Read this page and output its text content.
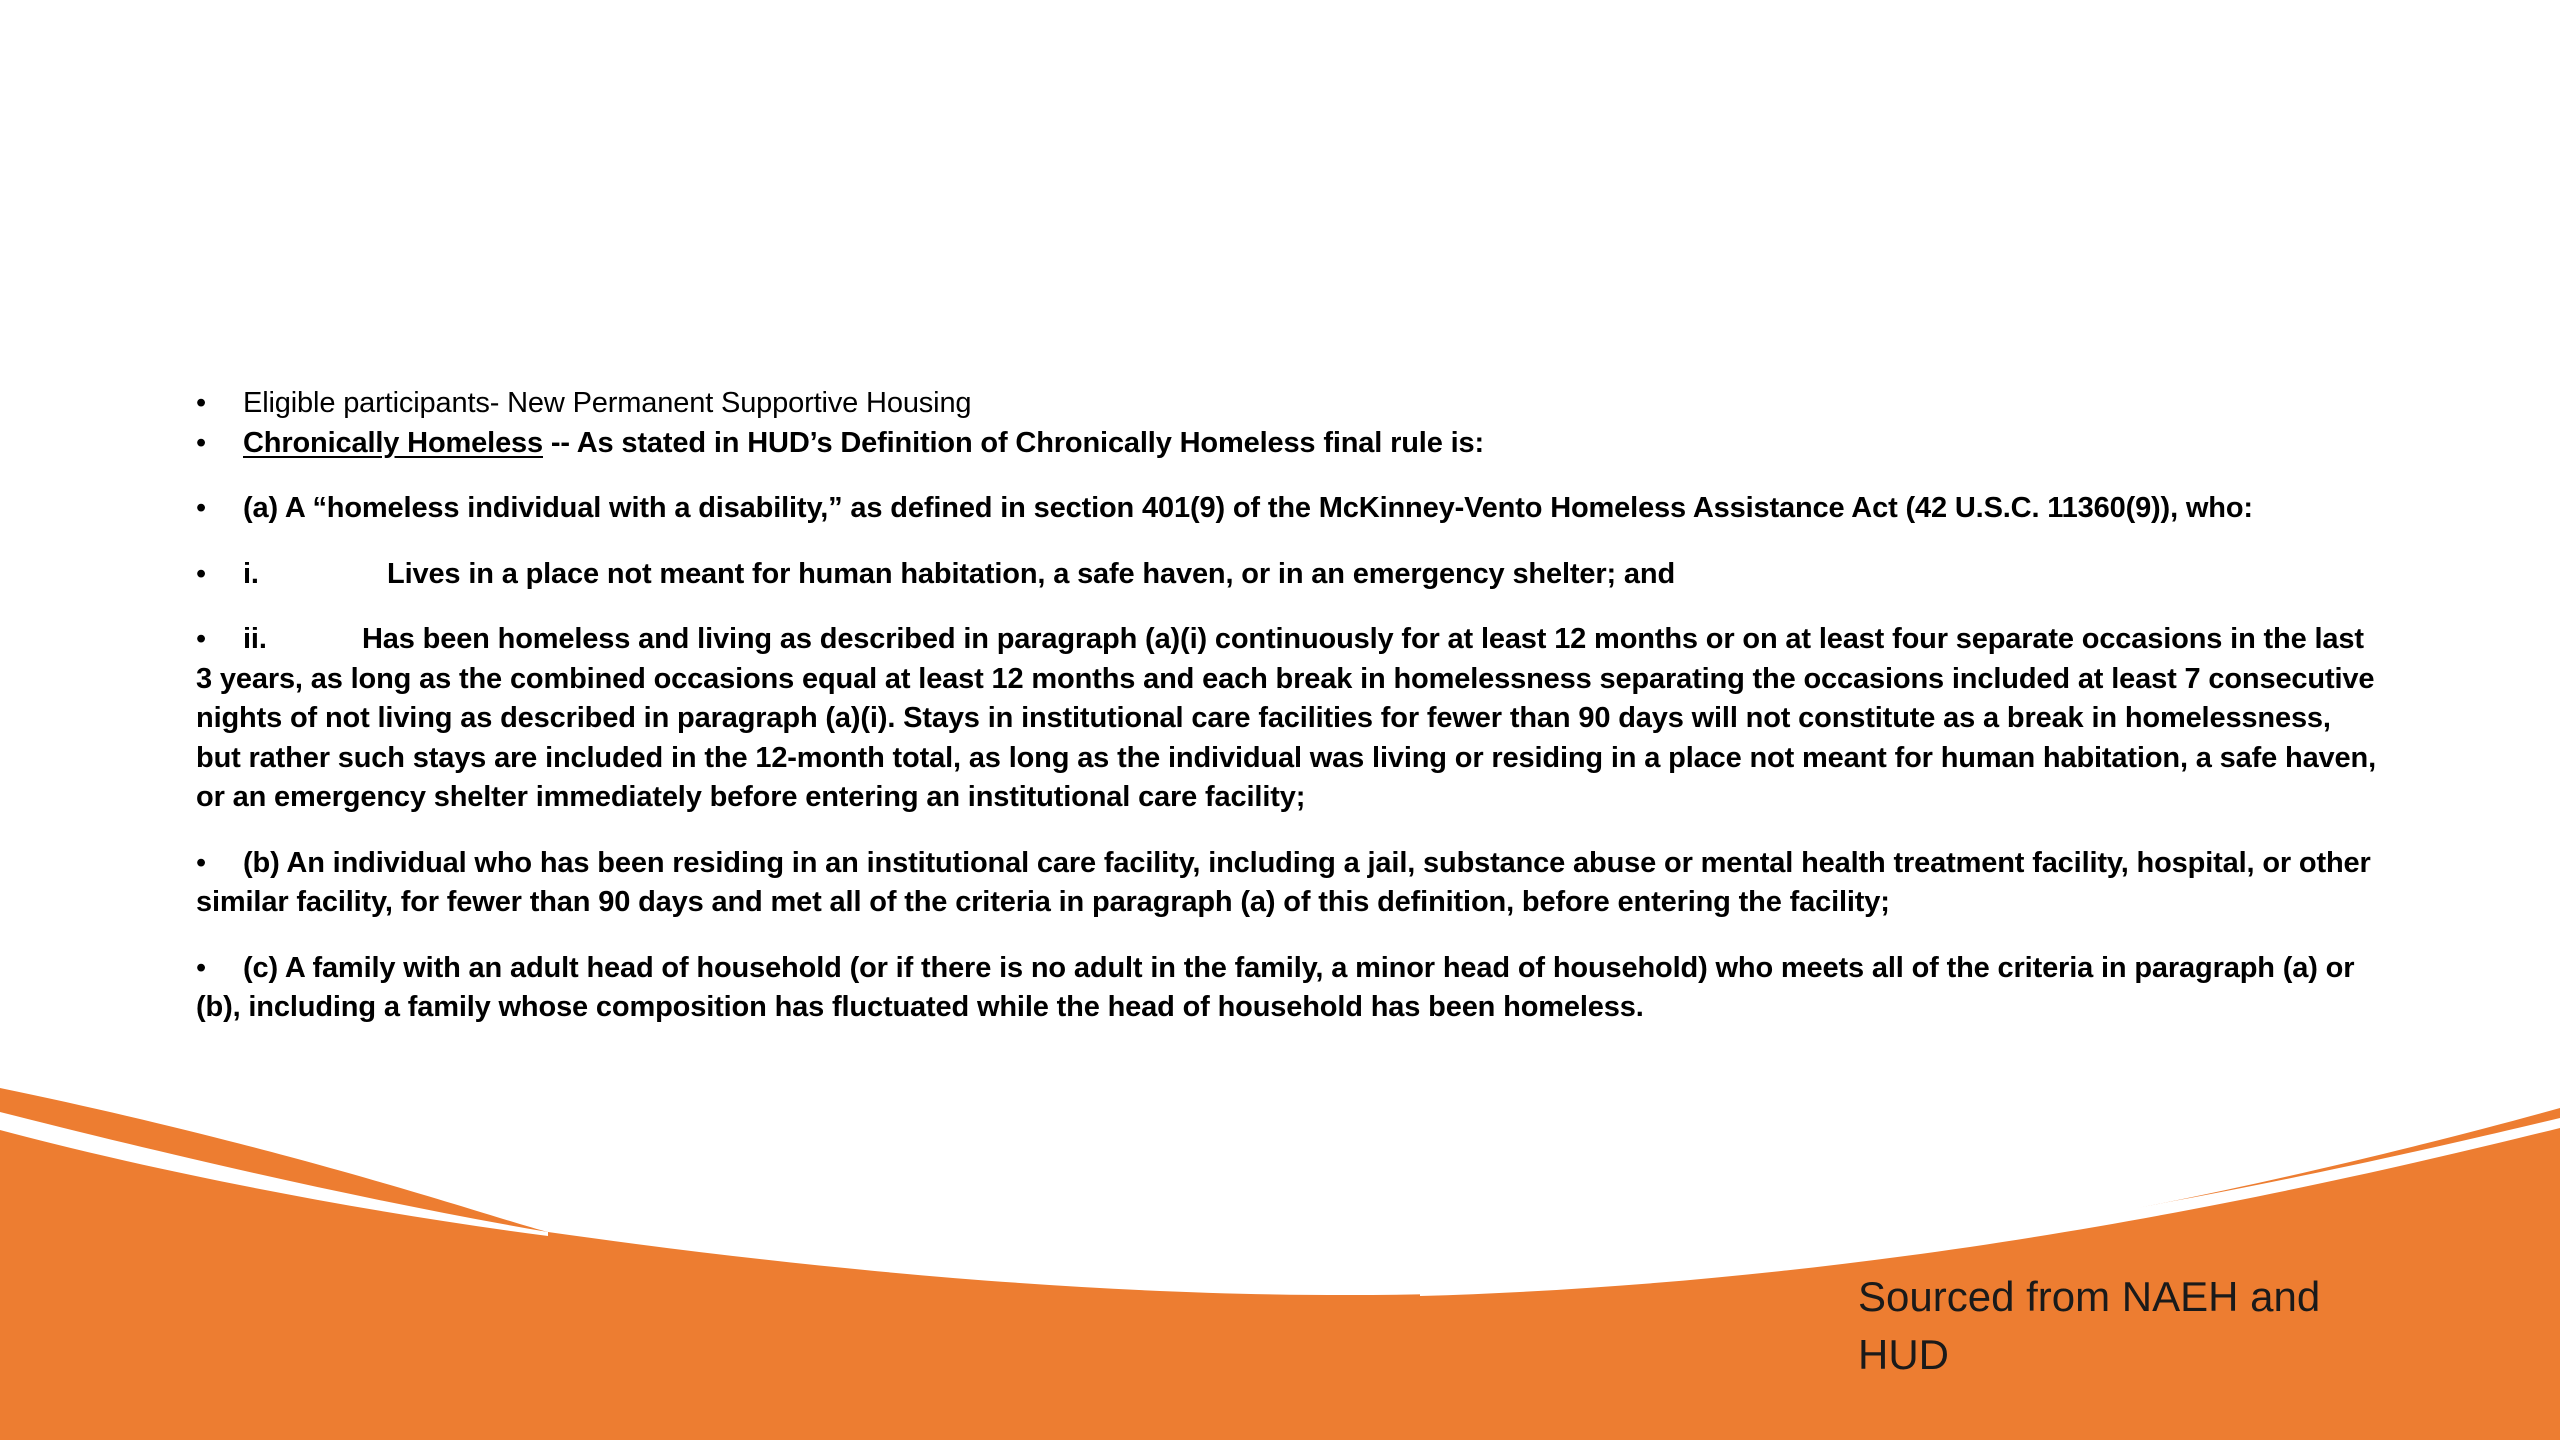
• Eligible participants- New Permanent Supportive Housing
• Chronically Homeless -- As stated in HUD’s Definition of Chronically Homeless final rule is:
• (a) A “homeless individual with a disability,” as defined in section 401(9) of the McKinney-Vento Homeless Assistance Act (42 U.S.C. 11360(9)), who:
• i.	Lives in a place not meant for human habitation, a safe haven, or in an emergency shelter; and
• ii.	Has been homeless and living as described in paragraph (a)(i) continuously for at least 12 months or on at least four separate occasions in the last 3 years, as long as the combined occasions equal at least 12 months and each break in homelessness separating the occasions included at least 7 consecutive nights of not living as described in paragraph (a)(i). Stays in institutional care facilities for fewer than 90 days will not constitute as a break in homelessness, but rather such stays are included in the 12-month total, as long as the individual was living or residing in a place not meant for human habitation, a safe haven, or an emergency shelter immediately before entering an institutional care facility;
• (b) An individual who has been residing in an institutional care facility, including a jail, substance abuse or mental health treatment facility, hospital, or other similar facility, for fewer than 90 days and met all of the criteria in paragraph (a) of this definition, before entering the facility;
• (c) A family with an adult head of household (or if there is no adult in the family, a minor head of household) who meets all of the criteria in paragraph (a) or (b), including a family whose composition has fluctuated while the head of household has been homeless.
Sourced from NAEH and HUD
